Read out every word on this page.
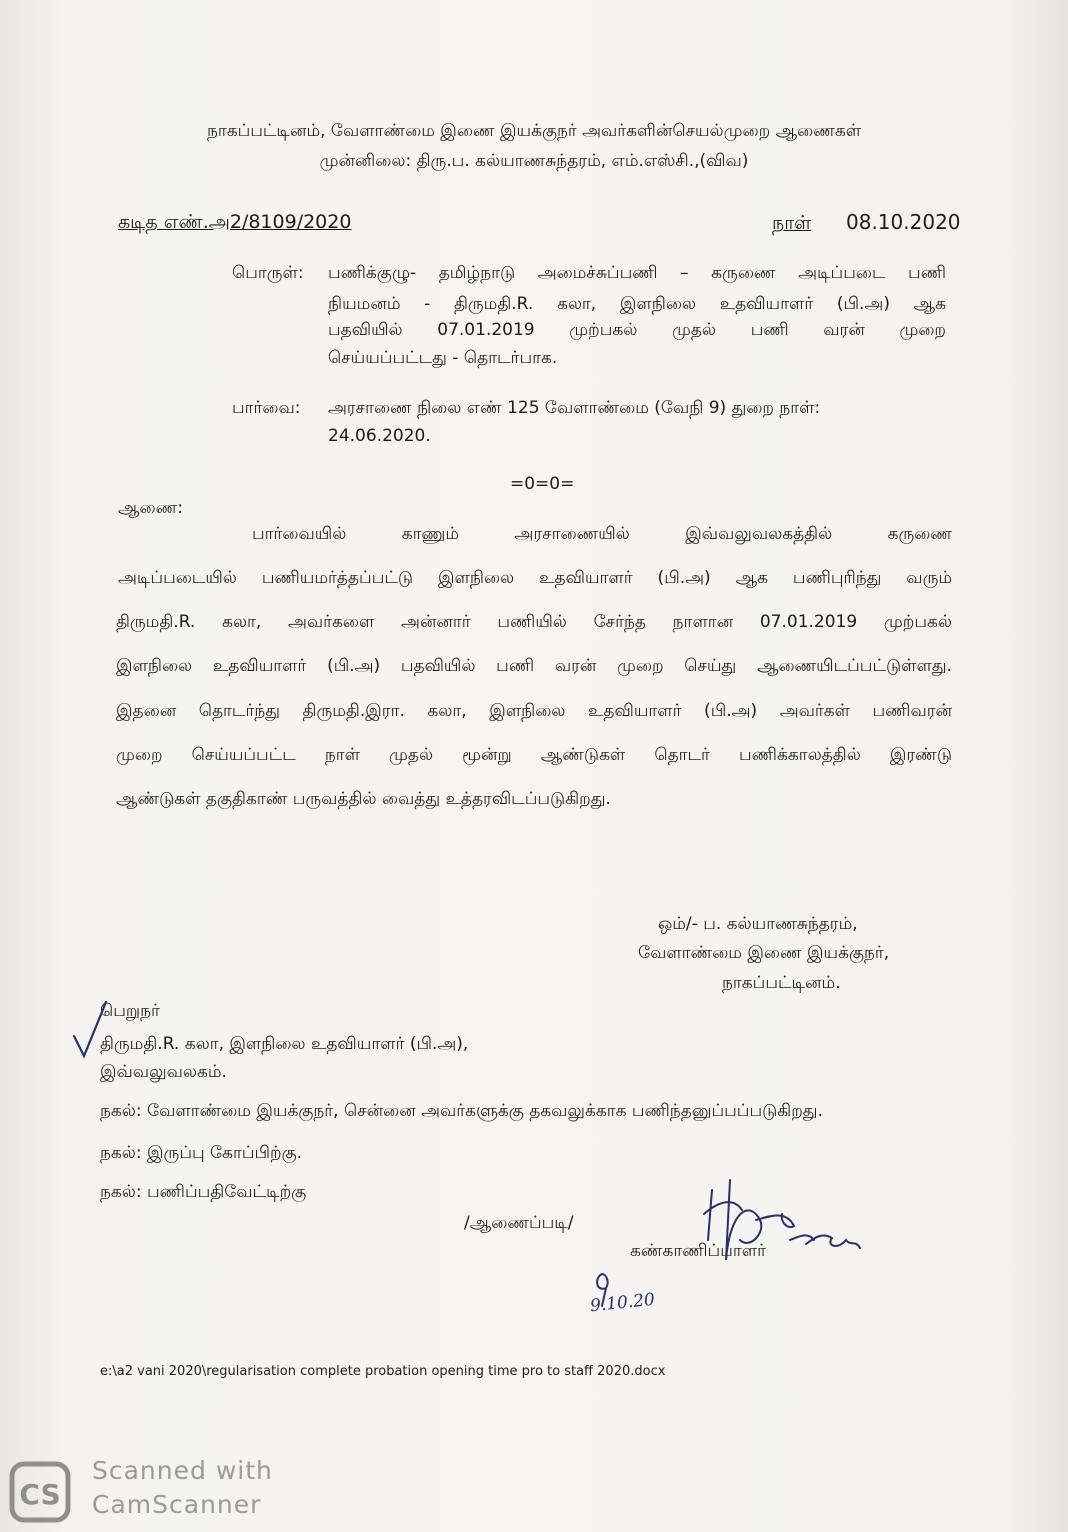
நாகப்பட்டினம், வேளாண்மை இணை இயக்குநர் அவர்களின்செயல்முறை ஆணைகள்
முன்னிலை: திரு.ப. கல்யாணசுந்தரம், எம்.எஸ்சி.,(விவ)
கடித எண்.அ2/8109/2020	நாள் 08.10.2020
பொருள்: பணிக்குழு- தமிழ்நாடு அமைச்சுப்பணி – கருணை அடிப்படை பணி
நியமனம் - திருமதி.R. கலா, இளநிலை உதவியாளர் (பி.அ) ஆக
பதவியில் 07.01.2019 முற்பகல் முதல் பணி வரன் முறை
செய்யப்பட்டது - தொடர்பாக.
பார்வை: அரசாணை நிலை எண் 125 வேளாண்மை (வேநி 9) துறை நாள்:
24.06.2020.
=0=0=
ஆணை:
பார்வையில் காணும் அரசாணையில் இவ்வலுவலகத்தில் கருணை
அடிப்படையில் பணியமர்த்தப்பட்டு இளநிலை உதவியாளர் (பி.அ) ஆக பணிபுரிந்து வரும்
திருமதி.R. கலா, அவர்களை அன்னார் பணியில் சேர்ந்த நாளான 07.01.2019 முற்பகல்
இளநிலை உதவியாளர் (பி.அ) பதவியில் பணி வரன் முறை செய்து ஆணையிடப்பட்டுள்ளது.
இதனை தொடர்ந்து திருமதி.இரா. கலா, இளநிலை உதவியாளர் (பி.அ) அவர்கள் பணிவரன்
முறை செய்யப்பட்ட நாள் முதல் மூன்று ஆண்டுகள் தொடர் பணிக்காலத்தில் இரண்டு
ஆண்டுகள் தகுதிகாண் பருவத்தில் வைத்து உத்தரவிடப்படுகிறது.
ஒம்/- ப. கல்யாணசுந்தரம்,
வேளாண்மை இணை இயக்குநர்,
நாகப்பட்டினம்.
பெறுநர்
திருமதி.R. கலா, இளநிலை உதவியாளர் (பி.அ),
இவ்வலுவலகம்.
நகல்: வேளாண்மை இயக்குநர், சென்னை அவர்களுக்கு தகவலுக்காக பணிந்தனுப்பப்படுகிறது.
நகல்: இருப்பு கோப்பிற்கு.
நகல்: பணிப்பதிவேட்டிற்கு
/ஆணைப்படி/
கண்காணிப்பாளர்
9.10.20
e:\a2 vani 2020\regularisation complete probation opening time pro to staff 2020.docx
CS
Scanned with
CamScanner
